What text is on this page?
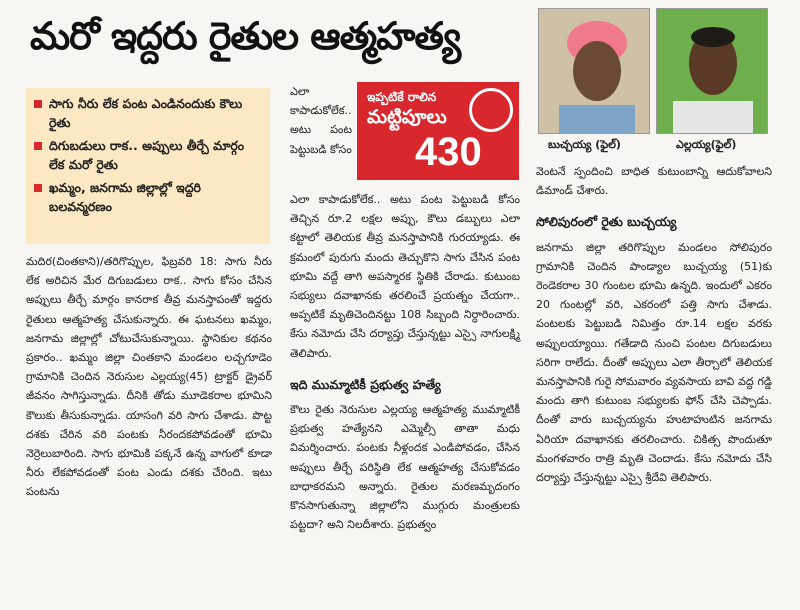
మరో ఇద్దరు రైతుల ఆత్మహత్య
సాగు నీరు లేక పంట ఎండినందుకు కౌలు రైతు
దిగుబడులు రాక.. అప్పులు తీర్చే మార్గం లేక మరో రైతు
ఖమ్మం, జనగామ జిల్లాల్లో ఇద్దరి బలవన్మరణం

మదిర(చింతకాని)/తరిగొప్పుల, ఫిబ్రవరి 18: సాగు నీరు లేక అరిచిన మేర దిగుబడులు రాక.. సాగు కోసం చేసిన అప్పులు తీర్చే మార్గం కానరాక తీవ్ర మనస్తాపంతో ఇద్దరు రైతులు ఆత్మహత్య చేసుకున్నారు. ఈ ఘటనలు ఖమ్మం, జనగామ జిల్లాల్లో చోటుచేసుకున్నాయి. స్థానికుల కథనం ప్రకారం.. ఖమ్మం జిల్లా చింతకాని మండలం లచ్చగూడెం గ్రామానికి చెందిన నెరుసుల ఎల్లయ్య(45) ట్రాక్టర్ డ్రైవర్ జీవనం సాగిస్తున్నాడు. దీనికి తోడు మూడెకరాల భూమిని కౌలుకు తీసుకున్నాడు. యాసంగి వరి సాగు చేశాడు. పొట్ట దశకు చేరిన వరి పంటకు నీరందకపోవడంతో భూమి నెర్రెలుబారింది. సాగు భూమికి పక్కనే ఉన్న వాగులో కూడా నీరు లేకపోవడంతో పంట ఎండు దశకు చేరింది. ఇటు పంటను

ఎలా కాపాడుకోలేక.. అటు పంట పెట్టుబడి కోసం

ఇప్పటికే రాలిన
మట్టిపూలు
430

ఎలా కాపాడుకోలేక.. అటు పంట పెట్టుబడి కోసం తెచ్చిన రూ.2 లక్షల అప్పు, కౌలు డబ్బులు ఎలా కట్టాలో తెలియక తీవ్ర మనస్తాపానికి గురయ్యాడు. ఈ క్రమంలో పురుగు మందు తెచ్చుకొని సాగు చేసిన పంట భూమి వద్దే తాగి అపస్మారక స్థితికి చేరాడు. కుటుంబ సభ్యులు దవాఖానకు తరలించే ప్రయత్నం చేయగా.. అప్పటికే మృతిచెందినట్టు 108 సిబ్బంది నిర్ధారించారు. కేసు నమోదు చేసి దర్యాప్తు చేస్తున్నట్టు ఎస్సై నాగులక్ష్మి తెలిపారు.

ఇది ముమ్మాటికీ ప్రభుత్వ హత్యే

కౌలు రైతు నెరుసుల ఎల్లయ్య ఆత్మహత్య ముమ్మాటికీ ప్రభుత్వ హత్యేనని ఎమ్మెల్సీ తాతా మధు విమర్శించారు. పంటకు నీళ్లందక ఎండిపోవడం, చేసిన అప్పులు తీర్చే పరిస్థితి లేక ఆత్మహత్య చేసుకోవడం బాధాకరమని అన్నారు. రైతుల మరణమృదంగం కొనసాగుతున్నా జిల్లాలోని ముగ్గురు మంత్రులకు పట్టదా? అని నిలదీశారు. ప్రభుత్వం

బుచ్చయ్య (ఫైల్)	ఎల్లయ్య(ఫైల్)

వెంటనే స్పందించి బాధిత కుటుంబాన్ని ఆదుకోవాలని డిమాండ్ చేశారు.

సోలిపురంలో రైతు బుచ్చయ్య

జనగామ జిల్లా తరిగొప్పుల మండలం సోలిపురం గ్రామానికి చెందిన పాండ్యాల బుచ్చయ్య (51)కు రెండెకరాల 30 గుంటల భూమి ఉన్నది. ఇందులో ఎకరం 20 గుంటల్లో వరి, ఎకరంలో పత్తి సాగు చేశాడు. పంటలకు పెట్టుబడి నిమిత్తం రూ.14 లక్షల వరకు అప్పులయ్యాయి. గతేడాది నుంచి పంటల దిగుబడులు సరిగా రాలేదు. దీంతో అప్పులు ఎలా తీర్చాలో తెలియక మనస్తాపానికి గురై సోమవారం వ్యవసాయ బావి వద్ద గడ్డి మందు తాగి కుటుంబ సభ్యులకు ఫోన్ చేసి చెప్పాడు. దీంతో వారు బుచ్చయ్యను హుటాహుటిన జనగామ ఏరియా దవాఖానకు తరలించారు. చికిత్స పొందుతూ మంగళవారం రాత్రి మృతి చెందాడు. కేసు నమోదు చేసి దర్యాప్తు చేస్తున్నట్టు ఎస్సై శ్రీదేవి తెలిపారు.
